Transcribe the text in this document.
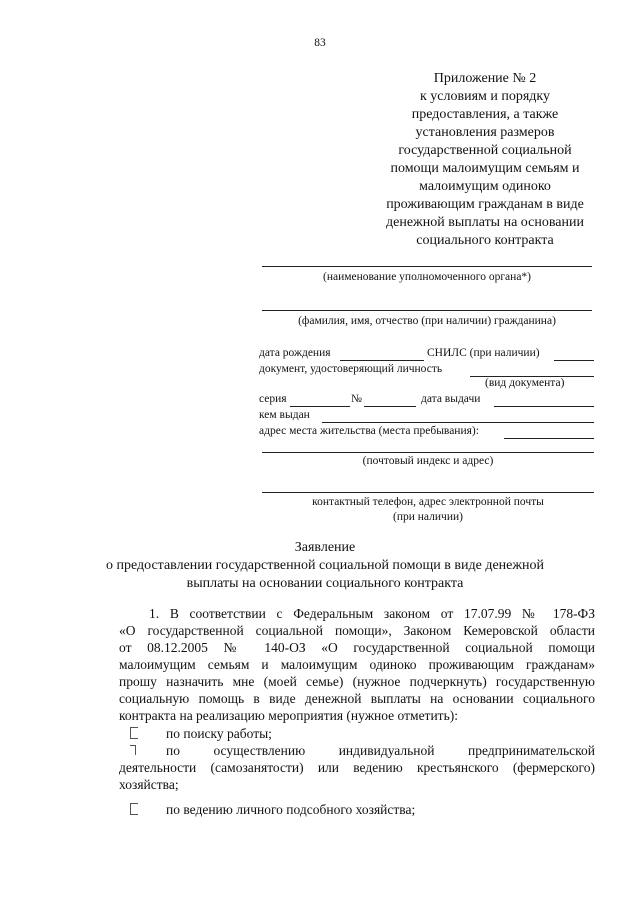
83
Приложение № 2
к условиям и порядку
предоставления, а также
установления размеров
государственной социальной
помощи малоимущим семьям и
малоимущим одиноко
проживающим гражданам в виде
денежной выплаты на основании
социального контракта
(наименование уполномоченного органа*)
(фамилия, имя, отчество (при наличии) гражданина)
дата рождения	СНИЛС (при наличии)
документ, удостоверяющий личность
(вид документа)
серия	№	дата выдачи
кем выдан
адрес места жительства (места пребывания):
(почтовый индекс и адрес)
контактный телефон, адрес электронной почты
(при наличии)
Заявление
о предоставлении государственной социальной помощи в виде денежной
выплаты на основании социального контракта
1. В соответствии с Федеральным законом от 17.07.99 № 178-ФЗ
«О государственной социальной помощи», Законом Кемеровской области
от 08.12.2005 № 140-ОЗ «О государственной социальной помощи
малоимущим семьям и малоимущим одиноко проживающим гражданам»
прошу назначить мне (моей семье) (нужное подчеркнуть) государственную
социальную помощь в виде денежной выплаты на основании социального
контракта на реализацию мероприятия (нужное отметить):
по поиску работы;
по осуществлению индивидуальной предпринимательской
деятельности (самозанятости) или ведению крестьянского (фермерского)
хозяйства;
по ведению личного подсобного хозяйства;
